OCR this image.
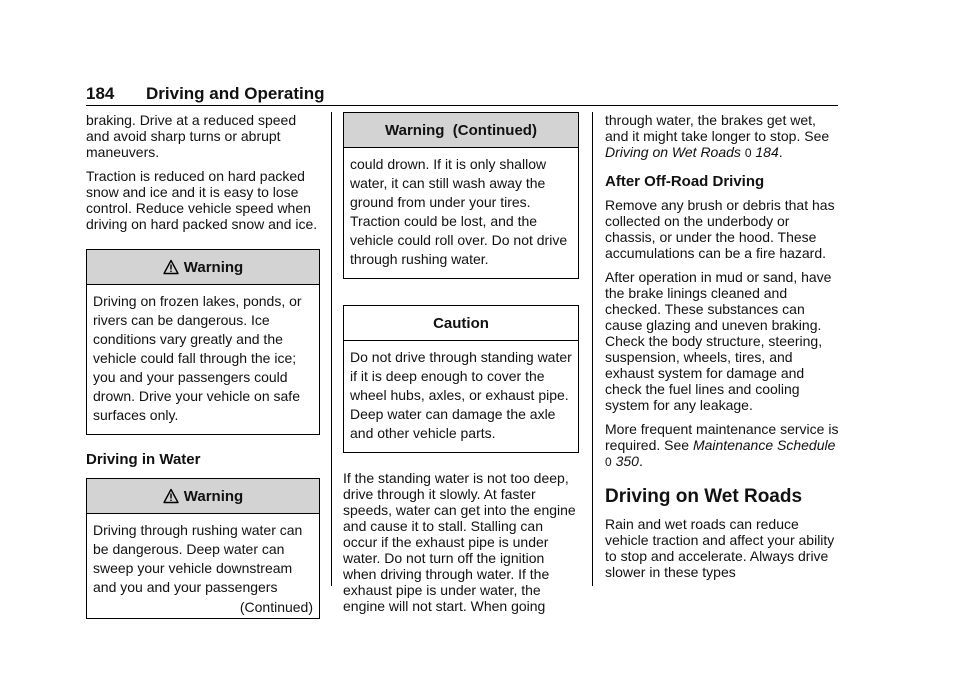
184 Driving and Operating

braking. Drive at a reduced speed and avoid sharp turns or abrupt maneuvers.

Traction is reduced on hard packed snow and ice and it is easy to lose control. Reduce vehicle speed when driving on hard packed snow and ice.

Warning

Driving on frozen lakes, ponds, or rivers can be dangerous. Ice conditions vary greatly and the vehicle could fall through the ice; you and your passengers could drown. Drive your vehicle on safe surfaces only.

Driving in Water
Warning

Driving through rushing water can be dangerous. Deep water can sweep your vehicle downstream and you and your passengers

(Continued)
Warning  (Continued)

could drown. If it is only shallow water, it can still wash away the ground from under your tires. Traction could be lost, and the vehicle could roll over. Do not drive through rushing water.

Caution

Do not drive through standing water if it is deep enough to cover the wheel hubs, axles, or exhaust pipe. Deep water can damage the axle and other vehicle parts.

If the standing water is not too deep, drive through it slowly. At faster speeds, water can get into the engine and cause it to stall. Stalling can occur if the exhaust pipe is under water. Do not turn off the ignition when driving through water. If the exhaust pipe is under water, the engine will not start. When going

through water, the brakes get wet, and it might take longer to stop. See Driving on Wet Roads 0 184.

After Off-Road Driving

Remove any brush or debris that has collected on the underbody or chassis, or under the hood. These accumulations can be a fire hazard.

After operation in mud or sand, have the brake linings cleaned and checked. These substances can cause glazing and uneven braking. Check the body structure, steering, suspension, wheels, tires, and exhaust system for damage and check the fuel lines and cooling system for any leakage.

More frequent maintenance service is required. See Maintenance Schedule 0 350.

Driving on Wet Roads

Rain and wet roads can reduce vehicle traction and affect your ability to stop and accelerate. Always drive slower in these types
